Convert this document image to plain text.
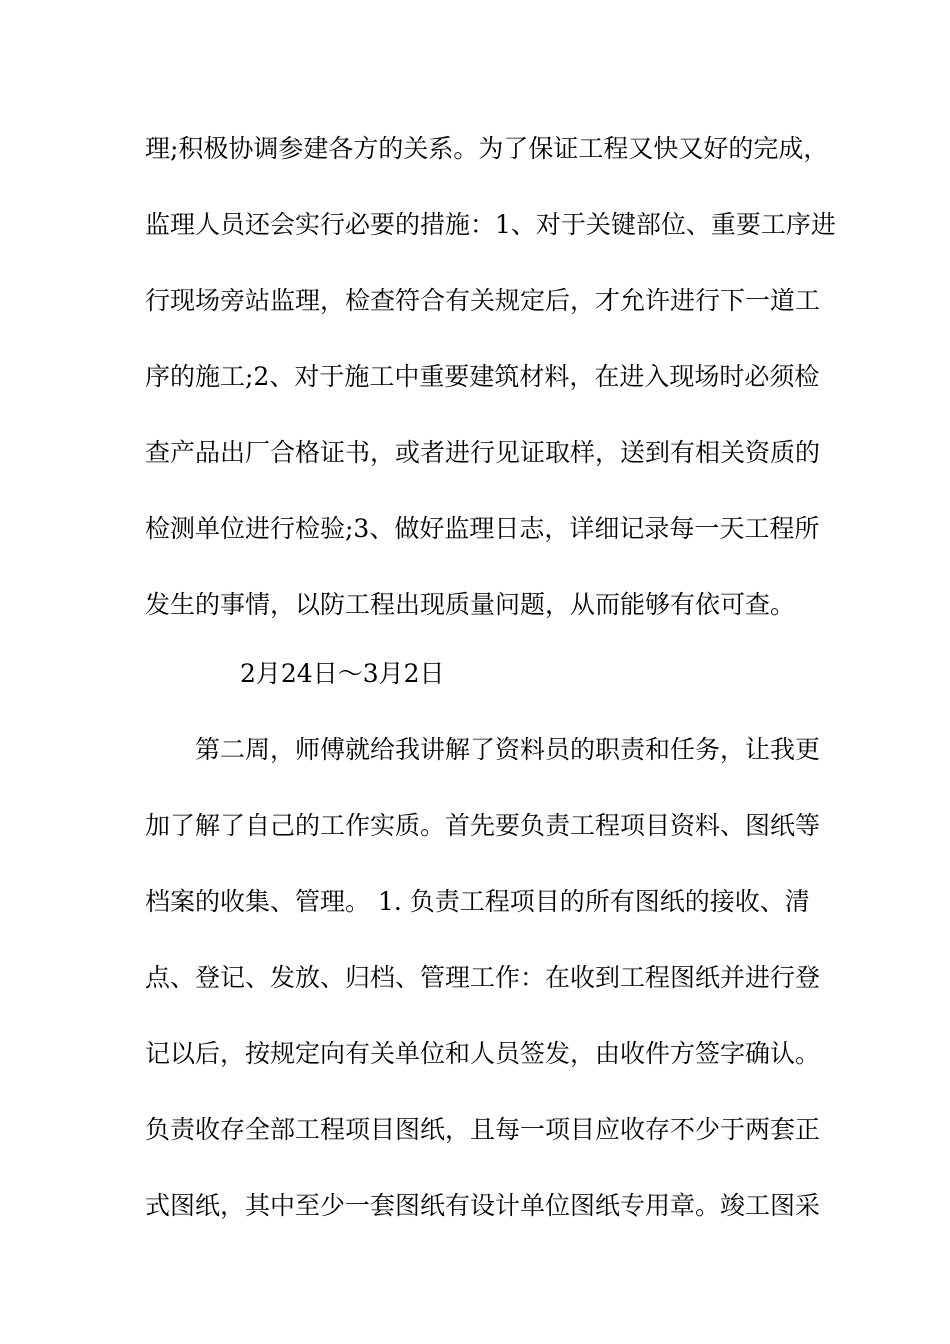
理;积极协调参建各方的关系。为了保证工程又快又好的完成，
监理人员还会实行必要的措施：1、对于关键部位、重要工序进
行现场旁站监理，检查符合有关规定后，才允许进行下一道工
序的施工;2、对于施工中重要建筑材料，在进入现场时必须检
查产品出厂合格证书，或者进行见证取样，送到有相关资质的
检测单位进行检验;3、做好监理日志，详细记录每一天工程所
发生的事情，以防工程出现质量问题，从而能够有依可查。
2月24日～3月2日
第二周，师傅就给我讲解了资料员的职责和任务，让我更
加了解了自己的工作实质。首先要负责工程项目资料、图纸等
档案的收集、管理。 1. 负责工程项目的所有图纸的接收、清
点、登记、发放、归档、管理工作：在收到工程图纸并进行登
记以后，按规定向有关单位和人员签发，由收件方签字确认。
负责收存全部工程项目图纸，且每一项目应收存不少于两套正
式图纸，其中至少一套图纸有设计单位图纸专用章。竣工图采
